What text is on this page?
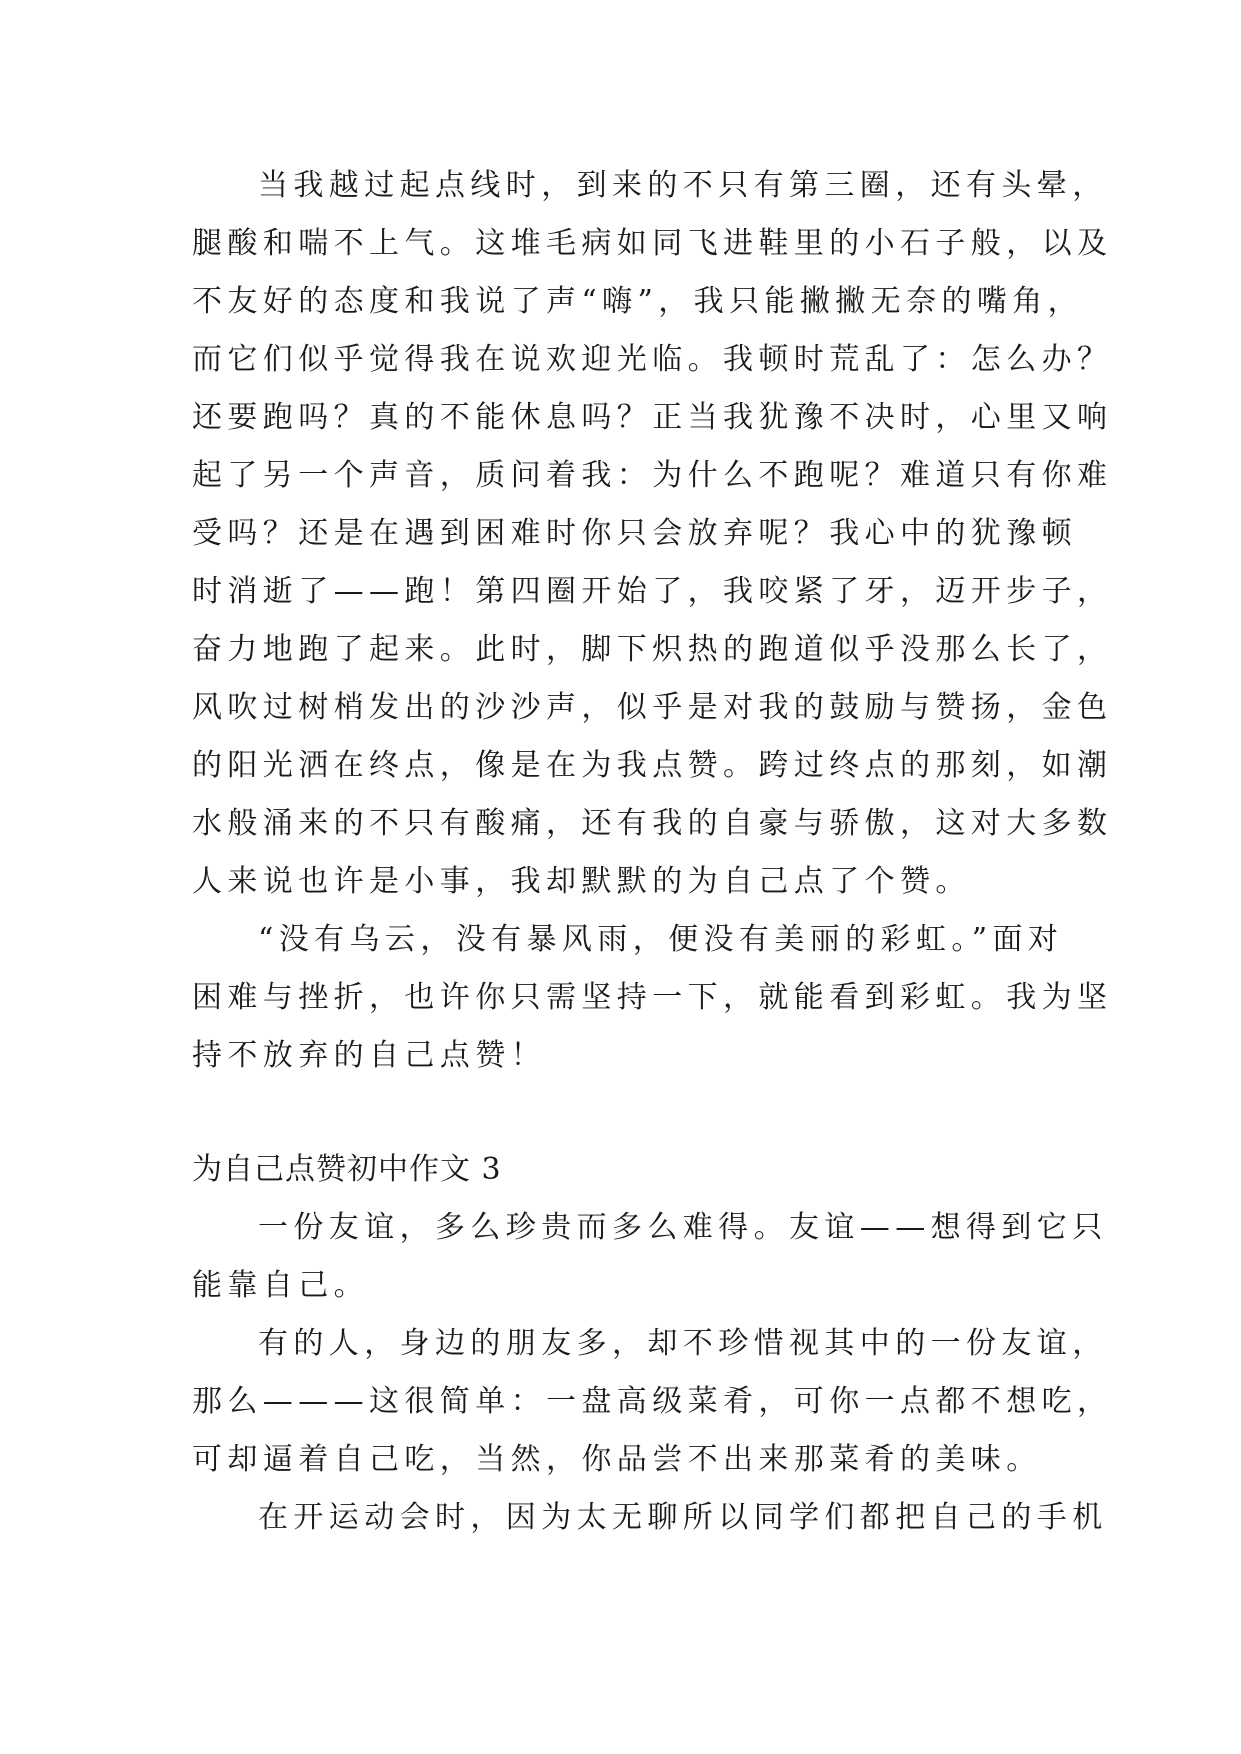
当我越过起点线时，到来的不只有第三圈，还有头晕，
腿酸和喘不上气。这堆毛病如同飞进鞋里的小石子般，以及
不友好的态度和我说了声“嗨”，我只能撇撇无奈的嘴角，
而它们似乎觉得我在说欢迎光临。我顿时荒乱了：怎么办？
还要跑吗？真的不能休息吗？正当我犹豫不决时，心里又响
起了另一个声音，质问着我：为什么不跑呢？难道只有你难
受吗？还是在遇到困难时你只会放弃呢？我心中的犹豫顿
时消逝了——跑！第四圈开始了，我咬紧了牙，迈开步子，
奋力地跑了起来。此时，脚下炽热的跑道似乎没那么长了，
风吹过树梢发出的沙沙声，似乎是对我的鼓励与赞扬，金色
的阳光洒在终点，像是在为我点赞。跨过终点的那刻，如潮
水般涌来的不只有酸痛，还有我的自豪与骄傲，这对大多数
人来说也许是小事，我却默默的为自己点了个赞。
“没有乌云，没有暴风雨，便没有美丽的彩虹。”面对
困难与挫折，也许你只需坚持一下，就能看到彩虹。我为坚
持不放弃的自己点赞！
为自己点赞初中作文 3
一份友谊，多么珍贵而多么难得。友谊——想得到它只
能靠自己。
有的人，身边的朋友多，却不珍惜视其中的一份友谊，
那么———这很简单：一盘高级菜肴，可你一点都不想吃，
可却逼着自己吃，当然，你品尝不出来那菜肴的美味。
在开运动会时，因为太无聊所以同学们都把自己的手机
